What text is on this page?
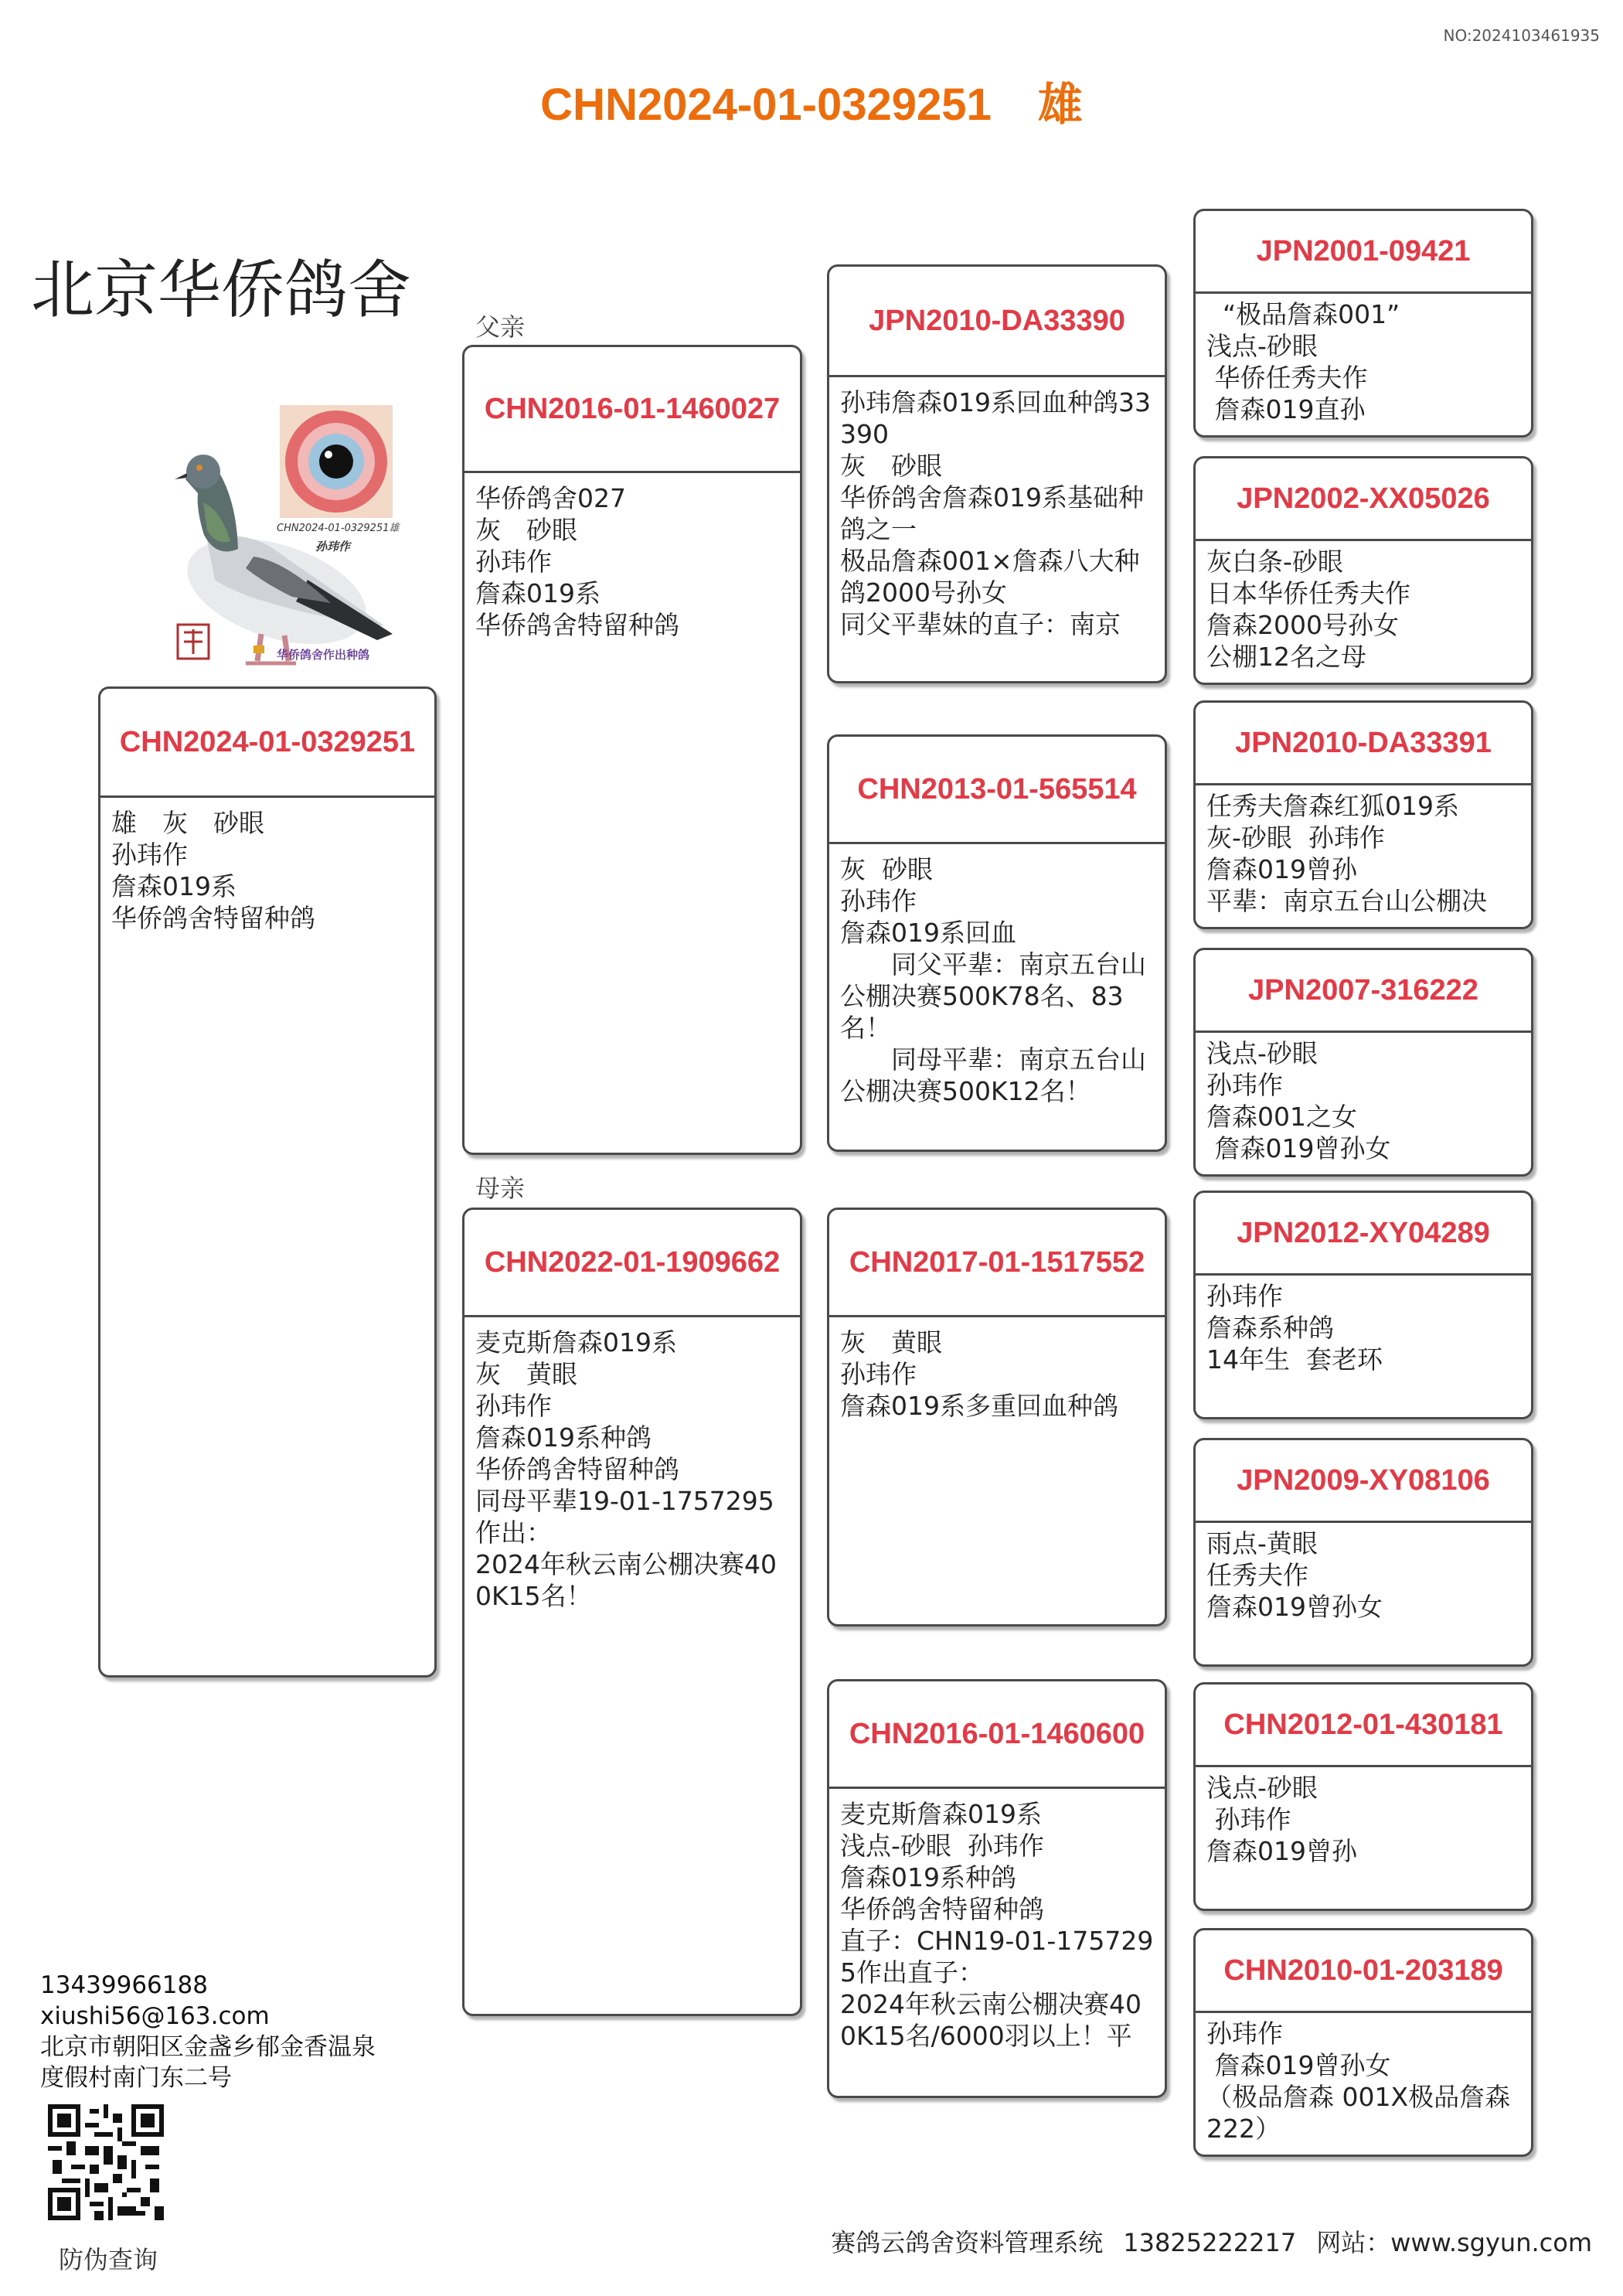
NO:2024103461935
CHN2024-01-0329251 雄
北京华侨鸽舍
CHN2024-01-0329251雄
孙玮作
华侨鸽舍作出种鸽
父亲
母亲
CHN2024-01-0329251
雄　灰　砂眼
孙玮作
詹森019系
华侨鸽舍特留种鸽
CHN2016-01-1460027
华侨鸽舍027
灰　砂眼
孙玮作
詹森019系
华侨鸽舍特留种鸽
CHN2022-01-1909662
麦克斯詹森019系
灰　黄眼
孙玮作
詹森019系种鸽
华侨鸽舍特留种鸽
同母平辈19-01-1757295作出：
2024年秋云南公棚决赛400K15名！
JPN2010-DA33390
孙玮詹森019系回血种鸽33390
灰　砂眼
华侨鸽舍詹森019系基础种鸽之一
极品詹森001×詹森八大种鸽2000号孙女
同父平辈妹的直子：南京
CHN2013-01-565514
灰  砂眼
孙玮作
詹森019系回血
　　同父平辈：南京五台山公棚决赛500K78名、83名！
　　同母平辈：南京五台山公棚决赛500K12名！
CHN2017-01-1517552
灰　黄眼
孙玮作
詹森019系多重回血种鸽
CHN2016-01-1460600
麦克斯詹森019系
浅点-砂眼  孙玮作
詹森019系种鸽
华侨鸽舍特留种鸽
直子：CHN19-01-1757295作出直子：
2024年秋云南公棚决赛400K15名/6000羽以上！平
JPN2001-09421
“极品詹森001”
浅点-砂眼
华侨任秀夫作
詹森019直孙
JPN2002-XX05026
灰白条-砂眼
日本华侨任秀夫作
詹森2000号孙女
公棚12名之母
JPN2010-DA33391
任秀夫詹森红狐019系
灰-砂眼  孙玮作
詹森019曾孙
平辈：南京五台山公棚决
JPN2007-316222
浅点-砂眼
孙玮作
詹森001之女
詹森019曾孙女
JPN2012-XY04289
孙玮作
詹森系种鸽
14年生  套老环
JPN2009-XY08106
雨点-黄眼
任秀夫作
詹森019曾孙女
CHN2012-01-430181
浅点-砂眼
孙玮作
詹森019曾孙
CHN2010-01-203189
孙玮作
詹森019曾孙女
（极品詹森 001X极品詹森222）
13439966188
xiushi56@163.com
北京市朝阳区金盏乡郁金香温泉
度假村南门东二号
防伪查询
赛鸽云鸽舍资料管理系统 13825222217 网站：www.sgyun.com
